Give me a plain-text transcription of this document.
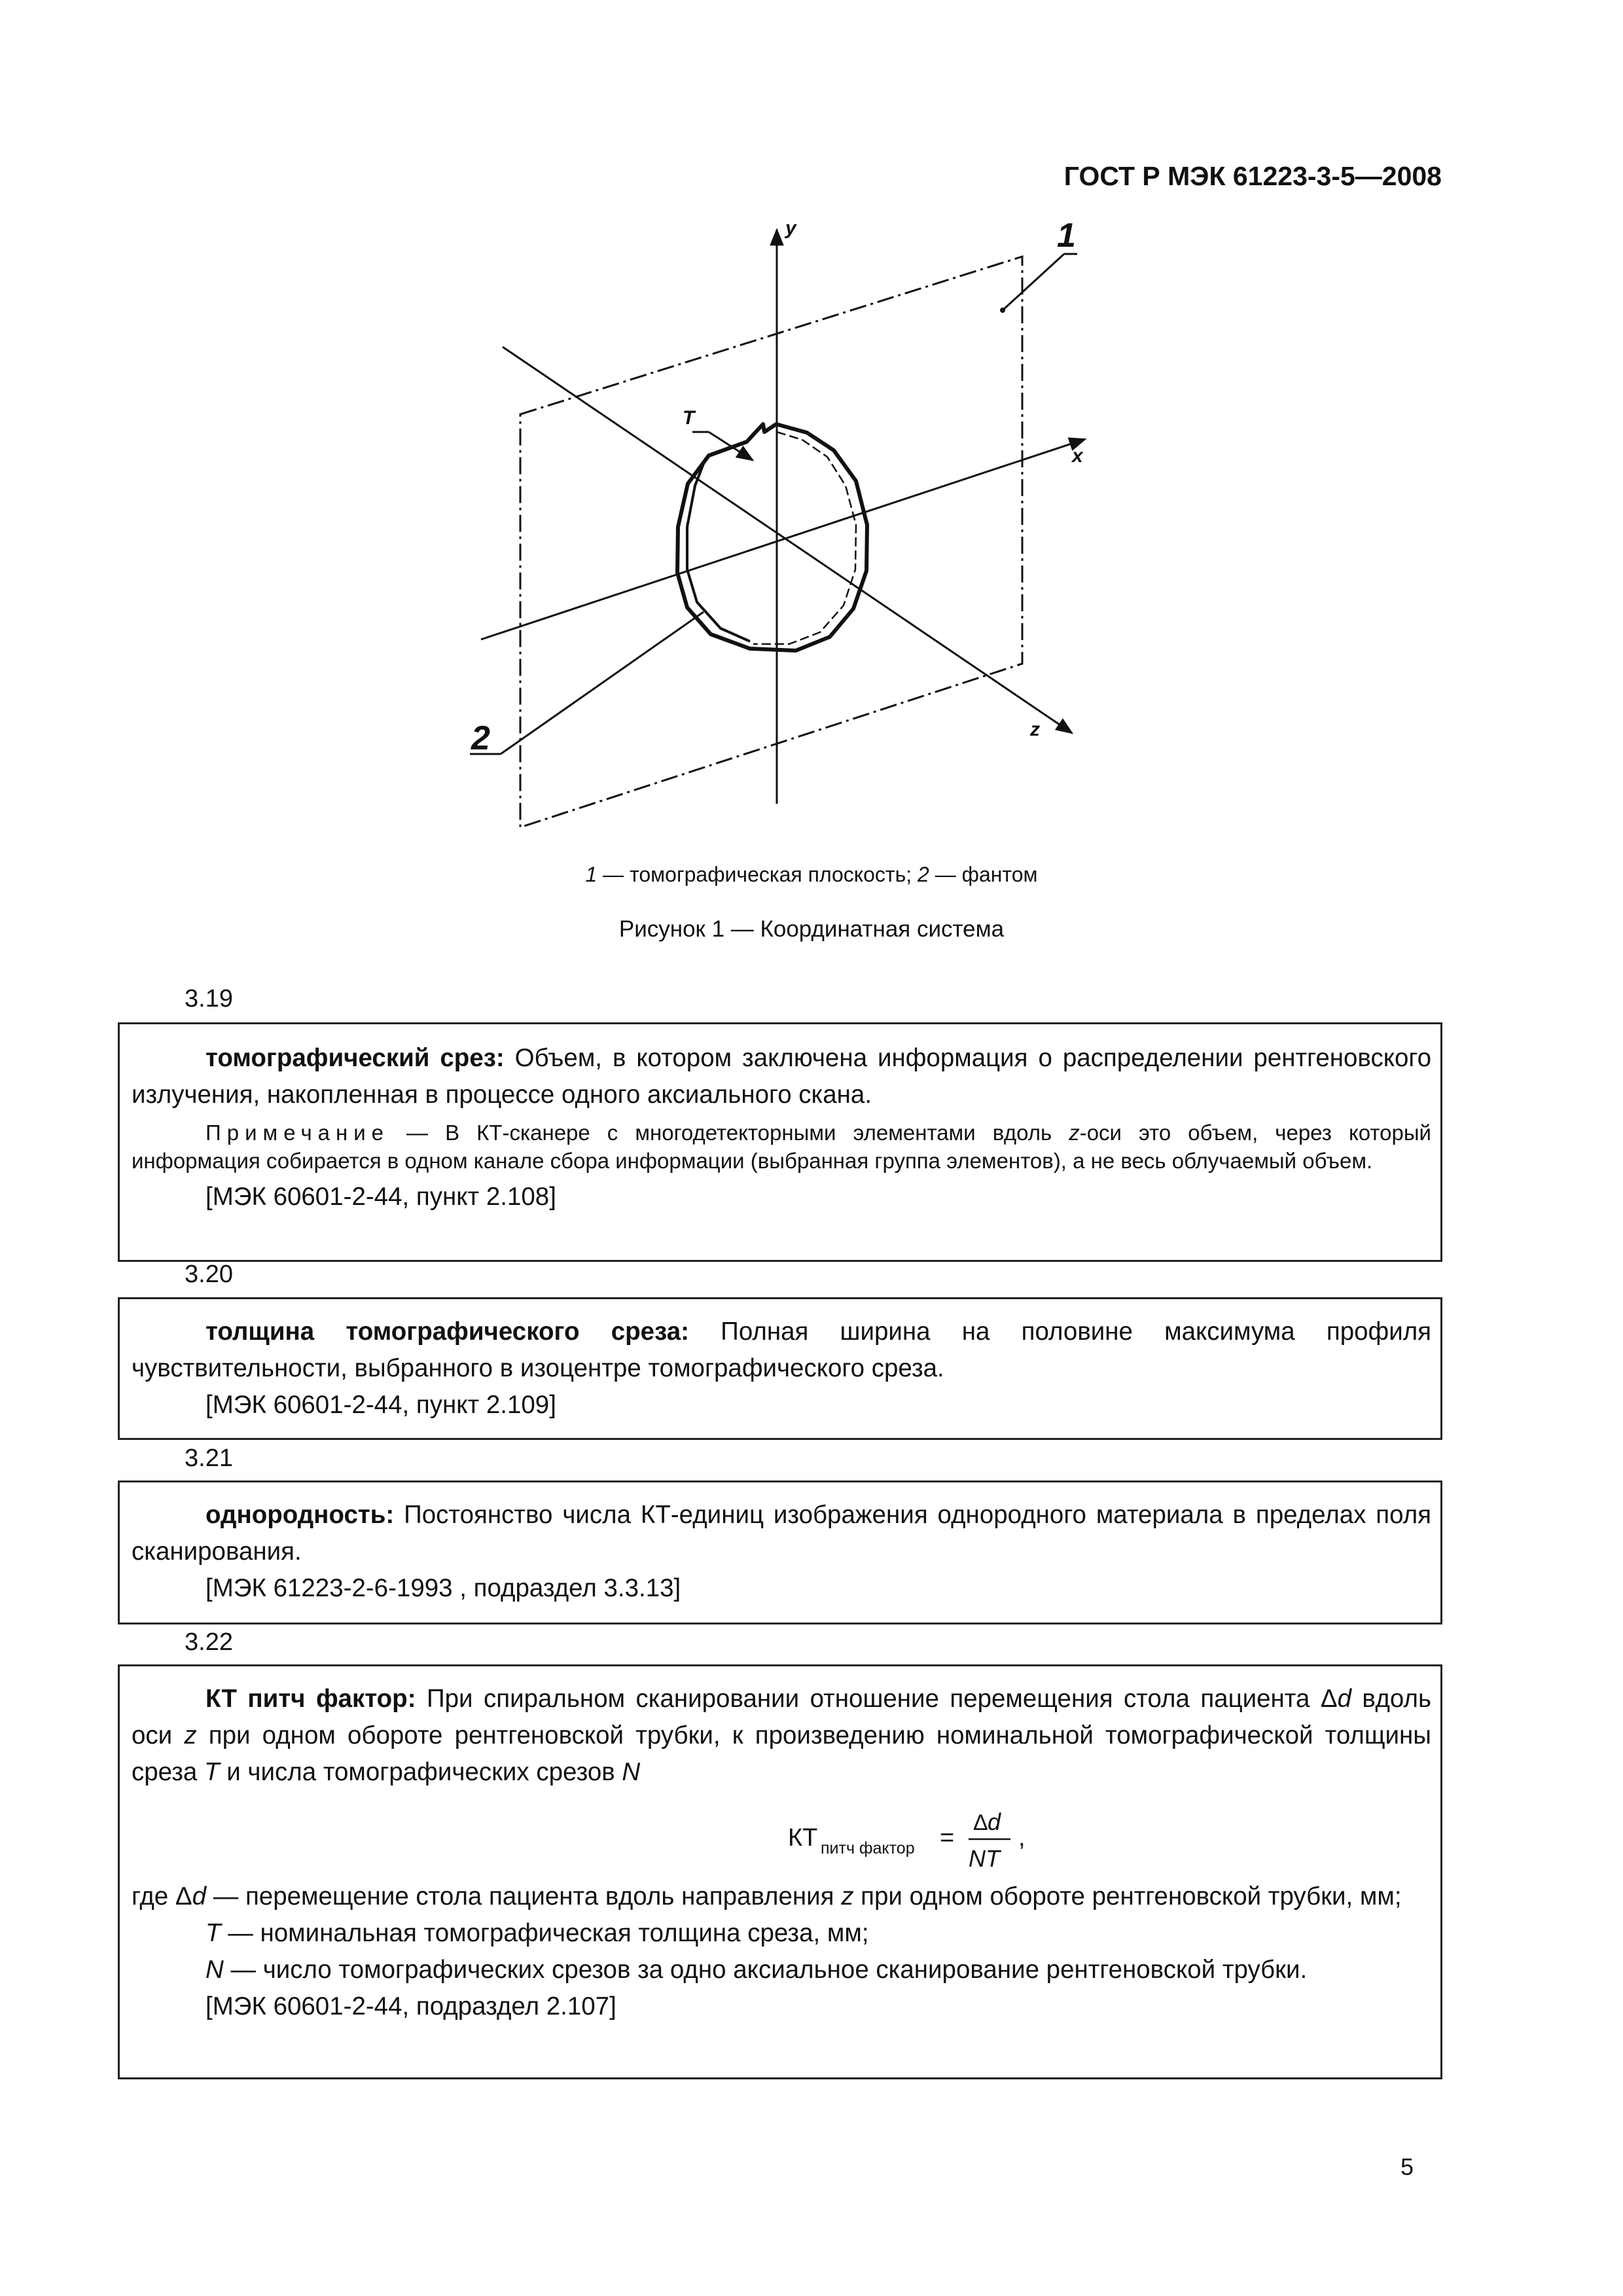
ГОСТ Р МЭК 61223-3-5—2008
y
x
z
T
1
2
1 — томографическая плоскость; 2 — фантом
Рисунок 1 — Координатная система
3.19
томографический срез: Объем, в котором заключена информация о распределении рентгеновского излучения, накопленная в процессе одного аксиального скана.
Примечание — В КТ-сканере с многодетекторными элементами вдоль z-оси это объем, через который информация собирается в одном канале сбора информации (выбранная группа элементов), а не весь облучаемый объем.
[МЭК 60601-2-44, пункт 2.108]
3.20
толщина томографического среза: Полная ширина на половине максимума профиля чувствительности, выбранного в изоцентре томографического среза.
[МЭК 60601-2-44, пункт 2.109]
3.21
однородность: Постоянство числа КТ-единиц изображения однородного материала в пределах поля сканирования.
[МЭК 61223-2-6-1993 , подраздел 3.3.13]
3.22
КТ питч фактор: При спиральном сканировании отношение перемещения стола пациента Δd вдоль оси z при одном обороте рентгеновской трубки, к произведению номинальной томографической толщины среза T и числа томографических срезов N
КТ питч фактор =
Δ d
NT
,
где Δd — перемещение стола пациента вдоль направления z при одном обороте рентгеновской трубки, мм;
T — номинальная томографическая толщина среза, мм;
N — число томографических срезов за одно аксиальное сканирование рентгеновской трубки.
[МЭК 60601-2-44, подраздел 2.107]
5
